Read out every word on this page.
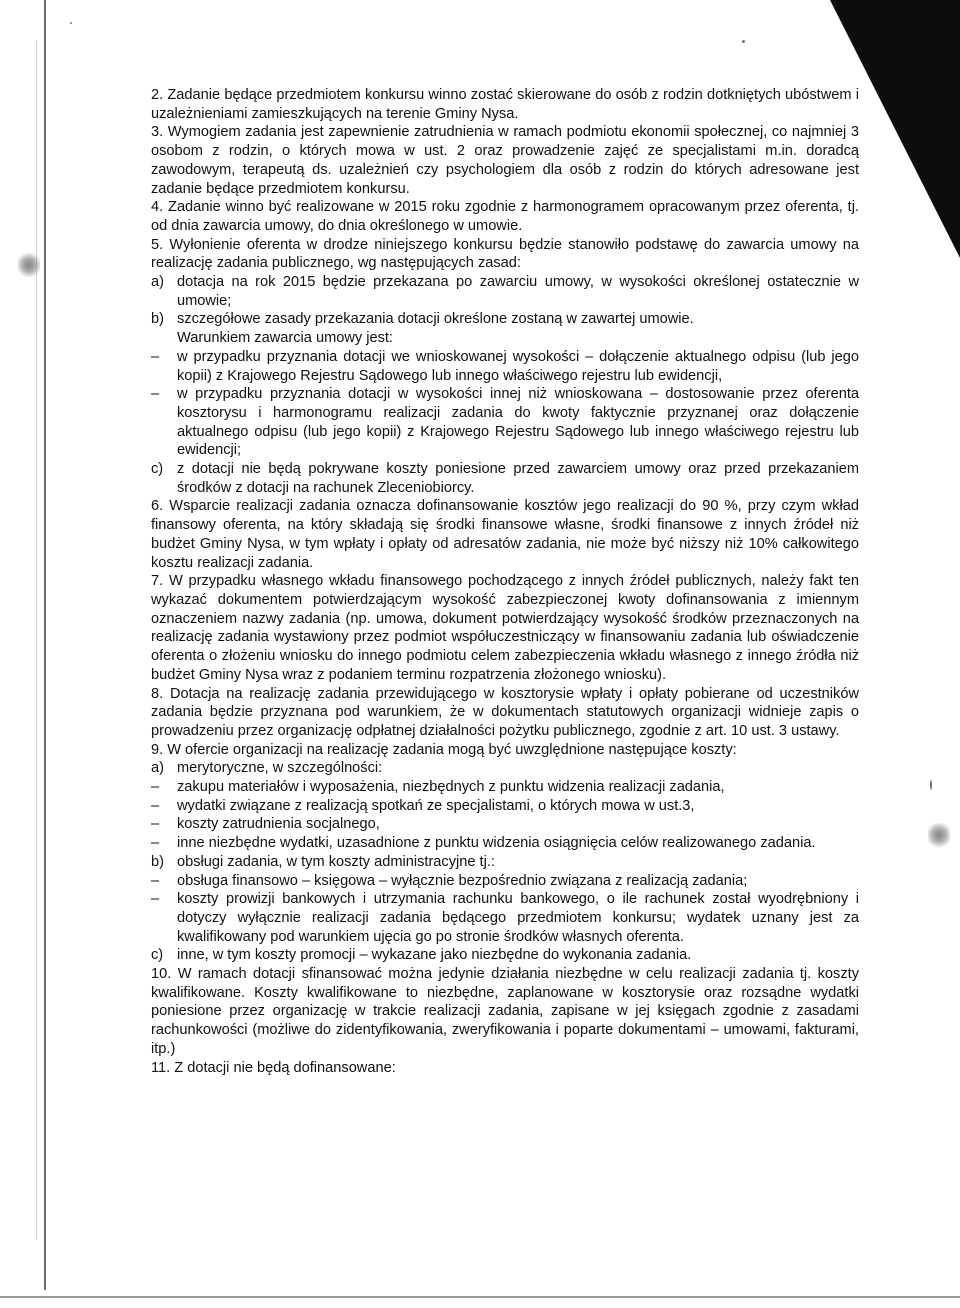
2. Zadanie będące przedmiotem konkursu winno zostać skierowane do osób z rodzin dotkniętych ubóstwem i uzależnieniami zamieszkujących na terenie Gminy Nysa.

3. Wymogiem zadania jest zapewnienie zatrudnienia w ramach podmiotu ekonomii społecznej, co najmniej 3 osobom z rodzin, o których mowa w ust. 2 oraz prowadzenie zajęć ze specjalistami m.in. doradcą zawodowym, terapeutą ds. uzależnień czy psychologiem dla osób z rodzin do których adresowane jest zadanie będące przedmiotem konkursu.

4. Zadanie winno być realizowane w 2015 roku zgodnie z harmonogramem opracowanym przez oferenta, tj. od dnia zawarcia umowy, do dnia określonego w umowie.

5. Wyłonienie oferenta w drodze niniejszego konkursu będzie stanowiło podstawę do zawarcia umowy na realizację zadania publicznego, wg następujących zasad:

a) dotacja na rok 2015 będzie przekazana po zawarciu umowy, w wysokości określonej ostatecznie w umowie;
b) szczegółowe zasady przekazania dotacji określone zostaną w zawartej umowie.

Warunkiem zawarcia umowy jest:

–	w przypadku przyznania dotacji we wnioskowanej wysokości – dołączenie aktualnego odpisu (lub jego kopii) z Krajowego Rejestru Sądowego lub innego właściwego rejestru lub ewidencji,
–	w przypadku przyznania dotacji w wysokości innej niż wnioskowana – dostosowanie przez oferenta kosztorysu i harmonogramu realizacji zadania do kwoty faktycznie przyznanej oraz dołączenie aktualnego odpisu (lub jego kopii) z Krajowego Rejestru Sądowego lub innego właściwego rejestru lub ewidencji;
c) z dotacji nie będą pokrywane koszty poniesione przed zawarciem umowy oraz przed przekazaniem środków z dotacji na rachunek Zleceniobiorcy.

6. Wsparcie realizacji zadania oznacza dofinansowanie kosztów jego realizacji do 90 %, przy czym wkład finansowy oferenta, na który składają się środki finansowe własne, środki finansowe z innych źródeł niż budżet Gminy Nysa, w tym wpłaty i opłaty od adresatów zadania, nie może być niższy niż 10% całkowitego kosztu realizacji zadania.

7. W przypadku własnego wkładu finansowego pochodzącego z innych źródeł publicznych, należy fakt ten wykazać dokumentem potwierdzającym wysokość zabezpieczonej kwoty dofinansowania z imiennym oznaczeniem nazwy zadania (np. umowa, dokument potwierdzający wysokość środków przeznaczonych na realizację zadania wystawiony przez podmiot współuczestniczący w finansowaniu zadania lub oświadczenie oferenta o złożeniu wniosku do innego podmiotu celem zabezpieczenia wkładu własnego z innego źródła niż budżet Gminy Nysa wraz z podaniem terminu rozpatrzenia złożonego wniosku).

8. Dotacja na realizację zadania przewidującego w kosztorysie wpłaty i opłaty pobierane od uczestników zadania będzie przyznana pod warunkiem, że w dokumentach statutowych organizacji widnieje zapis o prowadzeniu przez organizację odpłatnej działalności pożytku publicznego, zgodnie z art. 10 ust. 3 ustawy.

9. W ofercie organizacji na realizację zadania mogą być uwzględnione następujące koszty:

a) merytoryczne, w szczególności:
–	zakupu materiałów i wyposażenia, niezbędnych z punktu widzenia realizacji zadania,
–	wydatki związane z realizacją spotkań ze specjalistami, o których mowa w ust.3,
–	koszty zatrudnienia socjalnego,
–	inne niezbędne wydatki, uzasadnione z punktu widzenia osiągnięcia celów realizowanego zadania.
b) obsługi zadania, w tym koszty administracyjne tj.:
–	obsługa finansowo – księgowa – wyłącznie bezpośrednio związana z realizacją zadania;
–	koszty prowizji bankowych i utrzymania rachunku bankowego, o ile rachunek został wyodrębniony i dotyczy wyłącznie realizacji zadania będącego przedmiotem konkursu; wydatek uznany jest za kwalifikowany pod warunkiem ujęcia go po stronie środków własnych oferenta.
c) inne, w tym koszty promocji – wykazane jako niezbędne do wykonania zadania.

10. W ramach dotacji sfinansować można jedynie działania niezbędne w celu realizacji zadania tj. koszty kwalifikowane. Koszty kwalifikowane to niezbędne, zaplanowane w kosztorysie oraz rozsądne wydatki poniesione przez organizację w trakcie realizacji zadania, zapisane w jej księgach zgodnie z zasadami rachunkowości (możliwe do zidentyfikowania, zweryfikowania i poparte dokumentami – umowami, fakturami, itp.)

11. Z dotacji nie będą dofinansowane:
